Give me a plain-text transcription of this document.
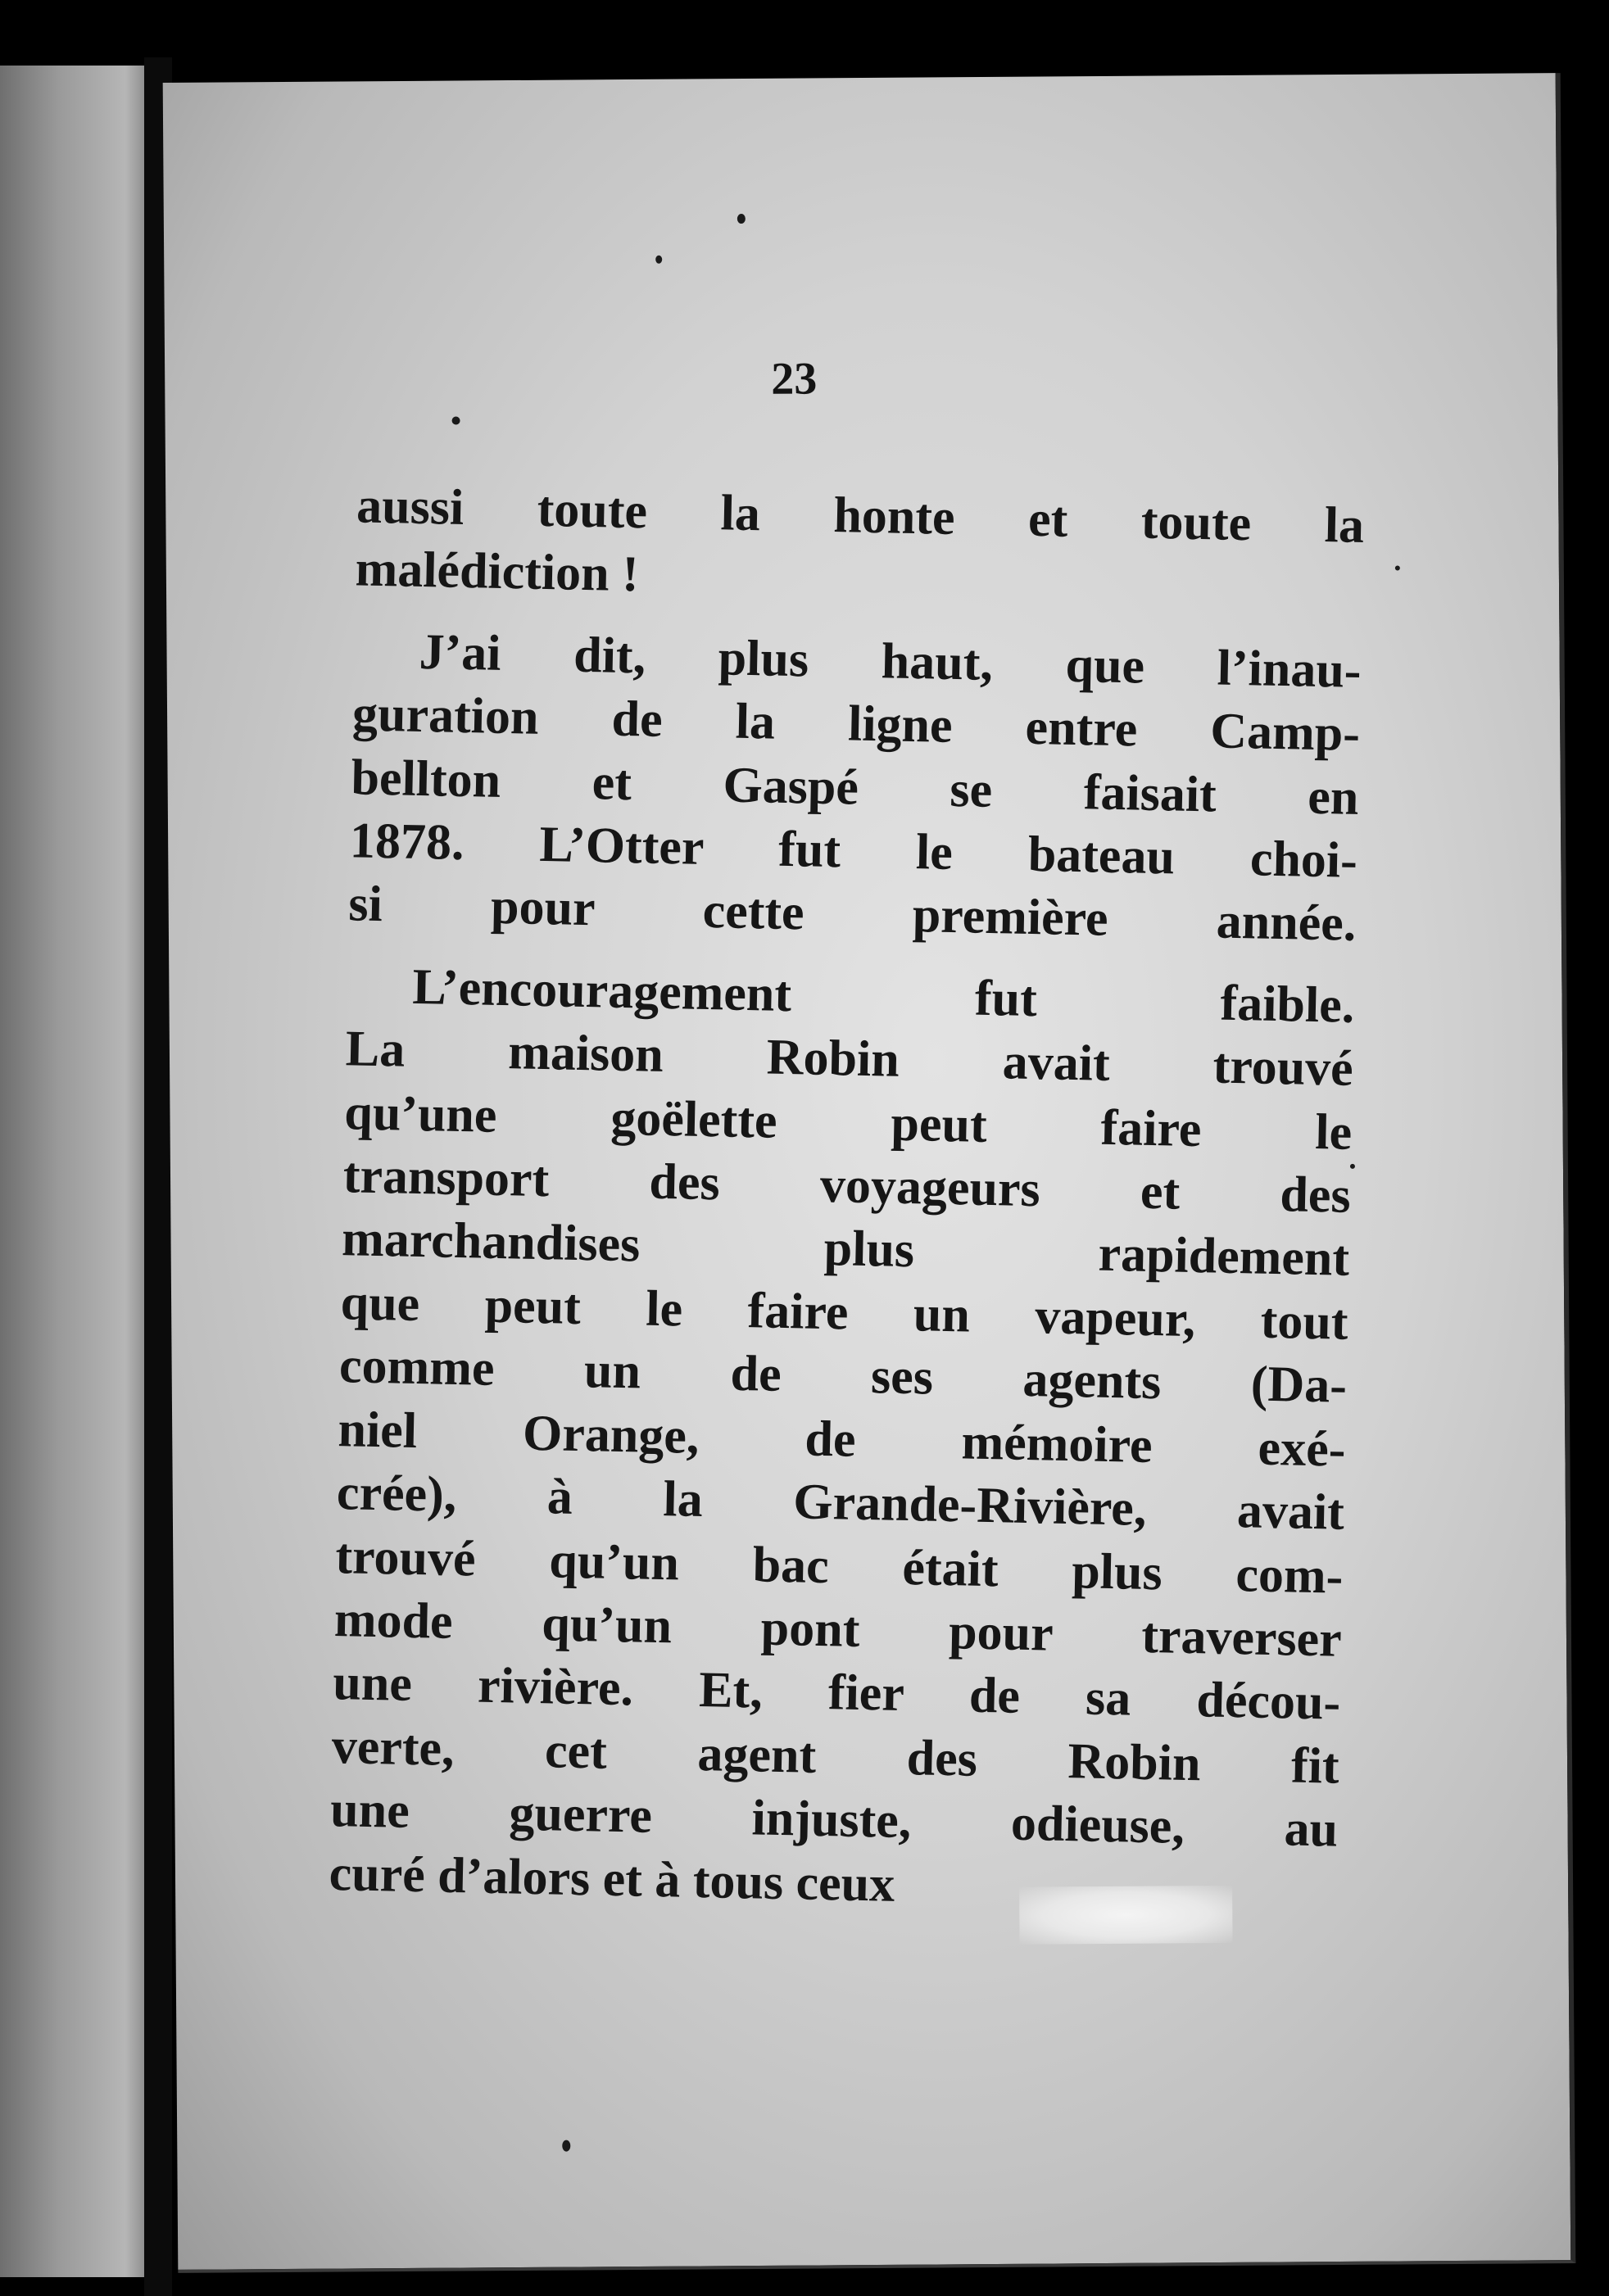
23
aussi toute la honte et toute la
malédiction !
J’ai dit, plus haut, que l’inau-
guration de la ligne entre Camp-
bellton et Gaspé se faisait en
1878. L’Otter fut le bateau choi-
si pour cette première année.
L’encouragement fut faible.
La maison Robin avait trouvé
qu’une goëlette peut faire le
transport des voyageurs et des
marchandises plus rapidement
que peut le faire un vapeur, tout
comme un de ses agents (Da-
niel Orange, de mémoire exé-
crée), à la Grande-Rivière, avait
trouvé qu’un bac était plus com-
mode qu’un pont pour traverser
une rivière. Et, fier de sa décou-
verte, cet agent des Robin fit
une guerre injuste, odieuse, au
curé d’alors et à tous ceux
